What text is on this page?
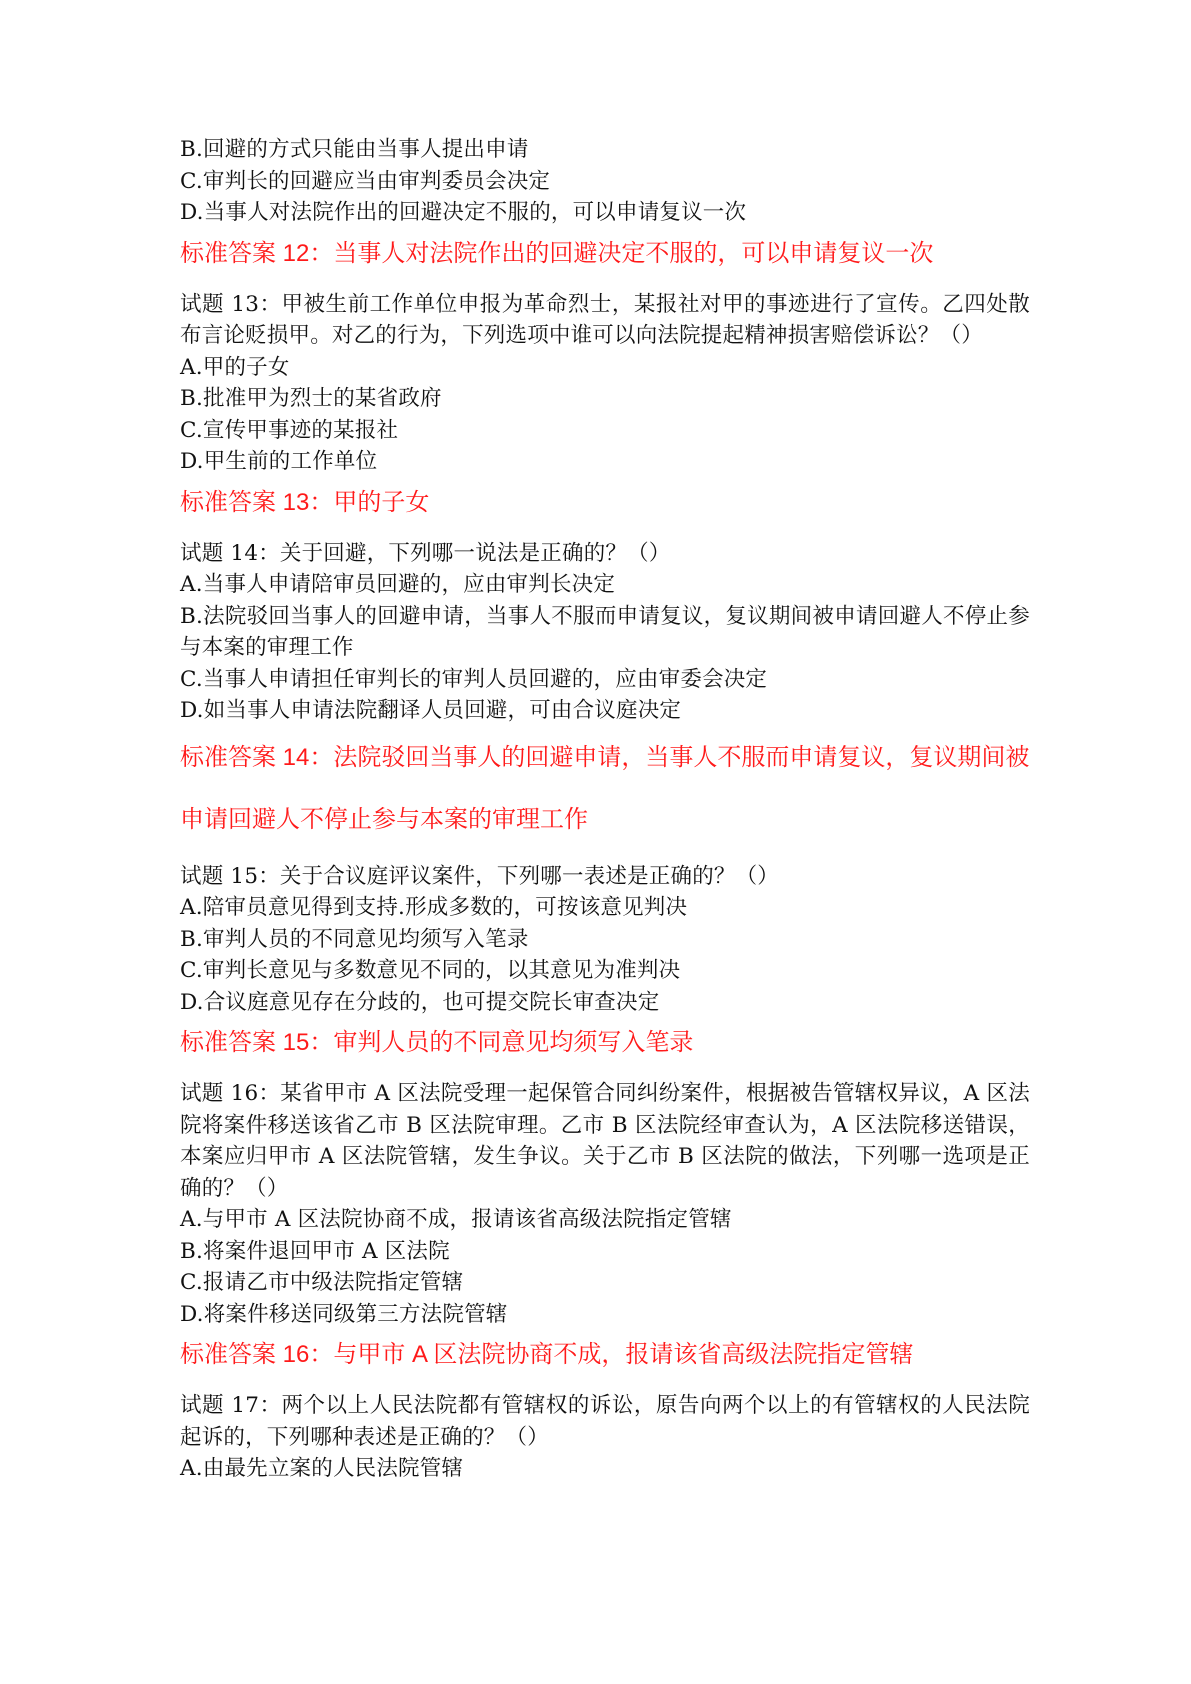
B.回避的方式只能由当事人提出申请
C.审判长的回避应当由审判委员会决定
D.当事人对法院作出的回避决定不服的，可以申请复议一次
标准答案 12：当事人对法院作出的回避决定不服的，可以申请复议一次
试题 13：甲被生前工作单位申报为革命烈士，某报社对甲的事迹进行了宣传。乙四处散布言论贬损甲。对乙的行为，下列选项中谁可以向法院提起精神损害赔偿诉讼？（）
A.甲的子女
B.批准甲为烈士的某省政府
C.宣传甲事迹的某报社
D.甲生前的工作单位
标准答案 13：甲的子女
试题 14：关于回避，下列哪一说法是正确的？（）
A.当事人申请陪审员回避的，应由审判长决定
B.法院驳回当事人的回避申请，当事人不服而申请复议，复议期间被申请回避人不停止参与本案的审理工作
C.当事人申请担任审判长的审判人员回避的，应由审委会决定
D.如当事人申请法院翻译人员回避，可由合议庭决定
标准答案 14：法院驳回当事人的回避申请，当事人不服而申请复议，复议期间被申请回避人不停止参与本案的审理工作
试题 15：关于合议庭评议案件，下列哪一表述是正确的？（）
A.陪审员意见得到支持.形成多数的，可按该意见判决
B.审判人员的不同意见均须写入笔录
C.审判长意见与多数意见不同的，以其意见为准判决
D.合议庭意见存在分歧的，也可提交院长审查决定
标准答案 15：审判人员的不同意见均须写入笔录
试题 16：某省甲市 A 区法院受理一起保管合同纠纷案件，根据被告管辖权异议，A 区法院将案件移送该省乙市 B 区法院审理。乙市 B 区法院经审查认为，A 区法院移送错误，本案应归甲市 A 区法院管辖，发生争议。关于乙市 B 区法院的做法，下列哪一选项是正确的？（）
A.与甲市 A 区法院协商不成，报请该省高级法院指定管辖
B.将案件退回甲市 A 区法院
C.报请乙市中级法院指定管辖
D.将案件移送同级第三方法院管辖
标准答案 16：与甲市 A 区法院协商不成，报请该省高级法院指定管辖
试题 17：两个以上人民法院都有管辖权的诉讼，原告向两个以上的有管辖权的人民法院起诉的，下列哪种表述是正确的？（）
A.由最先立案的人民法院管辖
